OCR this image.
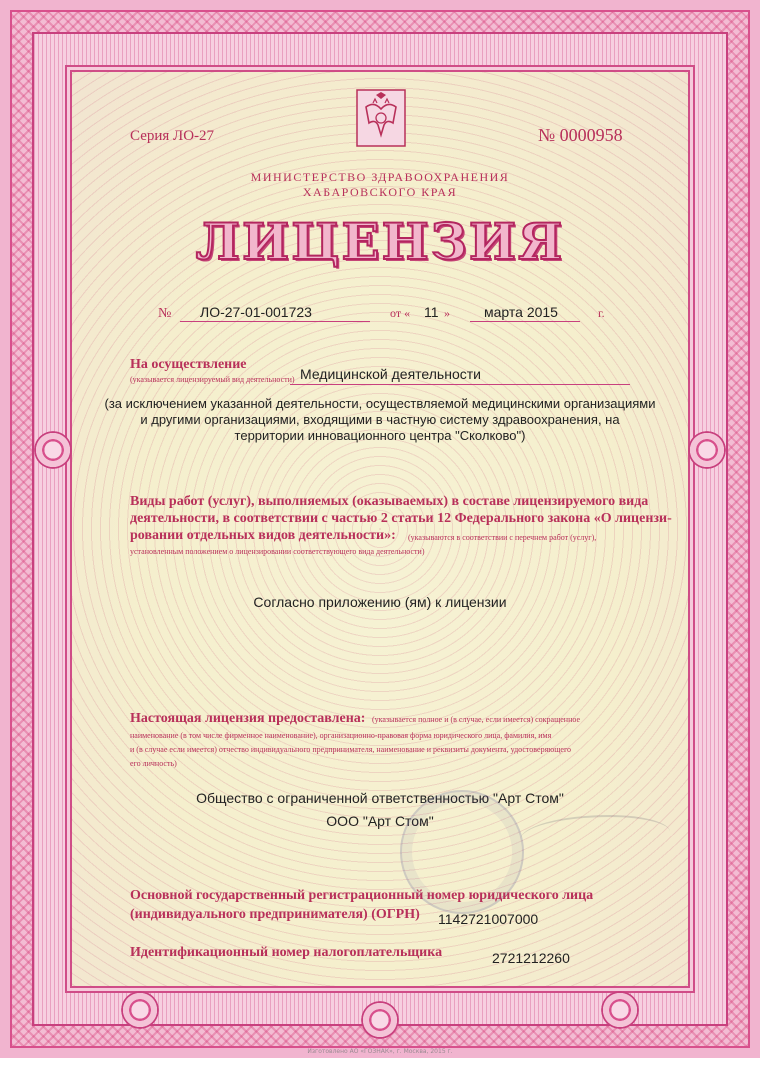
Серия ЛО-27	№ 0000958
МИНИСТЕРСТВО ЗДРАВООХРАНЕНИЯ
ХАБАРОВСКОГО КРАЯ
ЛИЦЕНЗИЯ
№ ЛО-27-01-001723	от « 11 » марта 2015	г.
На осуществление
(указывается лицензируемый вид деятельности) Медицинской деятельности
(за исключением указанной деятельности, осуществляемой медицинскими организациями
и другими организациями, входящими в частную систему здравоохранения, на
территории инновационного центра "Сколково")
Виды работ (услуг), выполняемых (оказываемых) в составе лицензируемого вида
деятельности, в соответствии с частью 2 статьи 12 Федерального закона «О лицензи-
ровании отдельных видов деятельности»: (указываются в соответствии с перечнем работ (услуг),
установленным положением о лицензировании соответствующего вида деятельности)
Согласно приложению (ям) к лицензии
Настоящая лицензия предоставлена: (указывается полное и (в случае, если имеется) сокращенное
наименование (в том числе фирменное наименование), организационно-правовая форма юридического лица, фамилия, имя
и (в случае если имеется) отчество индивидуального предпринимателя, наименование и реквизиты документа, удостоверяющего
его личность)
Общество с ограниченной ответственностью "Арт Стом"
ООО "Арт Стом"
Основной государственный регистрационный номер юридического лица
(индивидуального предпринимателя) (ОГРН) 1142721007000
Идентификационный номер налогоплательщика	2721212260
Изготовлено АО «ГОЗНАК», г. Москва, 2015 г.
